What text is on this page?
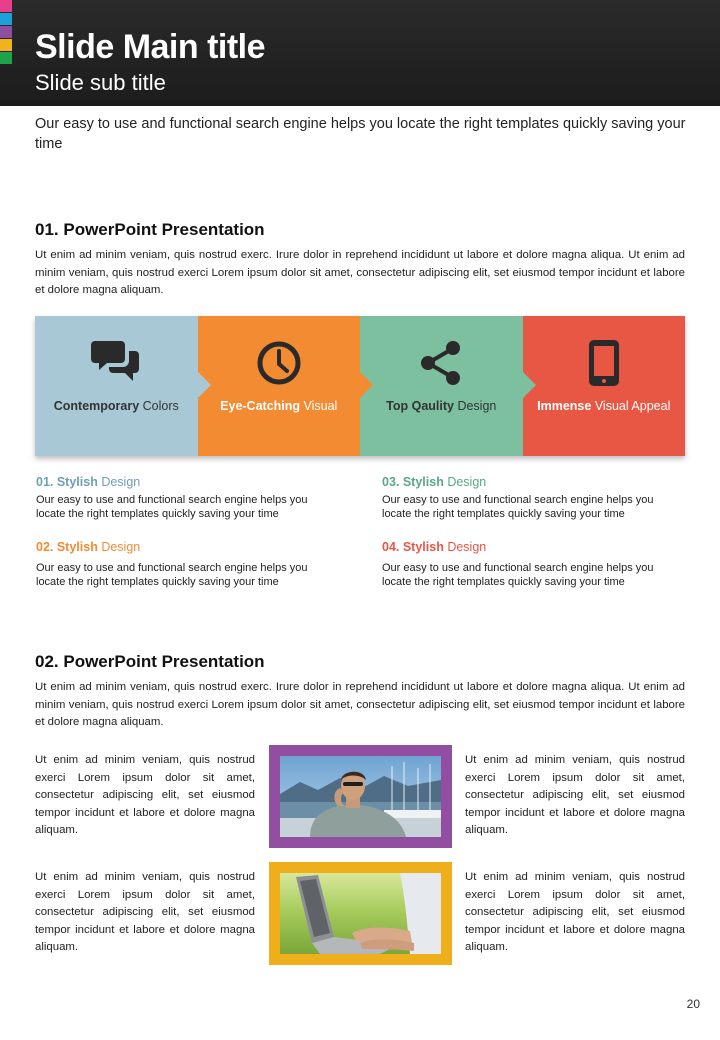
Slide Main title
Slide sub title
Our easy to use and functional search engine helps you locate the right templates quickly saving your time
01. PowerPoint Presentation
Ut enim ad minim veniam, quis nostrud exerc. Irure dolor in reprehend incididunt ut labore et dolore magna aliqua. Ut enim ad minim veniam, quis nostrud exerci Lorem ipsum dolor sit amet, consectetur adipiscing elit, set eiusmod tempor incidunt et labore et dolore magna aliquam.
Contemporary Colors	Eye-Catching Visual	Top Qaulity Design	Immense Visual Appeal
01. Stylish Design
Our easy to use and functional search engine helps you locate the right templates quickly saving your time
03. Stylish Design
Our easy to use and functional search engine helps you locate the right templates quickly saving your time
02. Stylish Design
Our easy to use and functional search engine helps you locate the right templates quickly saving your time
04. Stylish Design
Our easy to use and functional search engine helps you locate the right templates quickly saving your time
02. PowerPoint Presentation
Ut enim ad minim veniam, quis nostrud exerc. Irure dolor in reprehend incididunt ut labore et dolore magna aliqua. Ut enim ad minim veniam, quis nostrud exerci Lorem ipsum dolor sit amet, consectetur adipiscing elit, set eiusmod tempor incidunt et labore et dolore magna aliquam.
Ut enim ad minim veniam, quis nostrud exerci Lorem ipsum dolor sit amet, consectetur adipiscing elit, set eiusmod tempor incidunt et labore et dolore magna aliquam.
Ut enim ad minim veniam, quis nostrud exerci Lorem ipsum dolor sit amet, consectetur adipiscing elit, set eiusmod tempor incidunt et labore et dolore magna aliquam.
Ut enim ad minim veniam, quis nostrud exerci Lorem ipsum dolor sit amet, consectetur adipiscing elit, set eiusmod tempor incidunt et labore et dolore magna aliquam.
Ut enim ad minim veniam, quis nostrud exerci Lorem ipsum dolor sit amet, consectetur adipiscing elit, set eiusmod tempor incidunt et labore et dolore magna aliquam.
20
